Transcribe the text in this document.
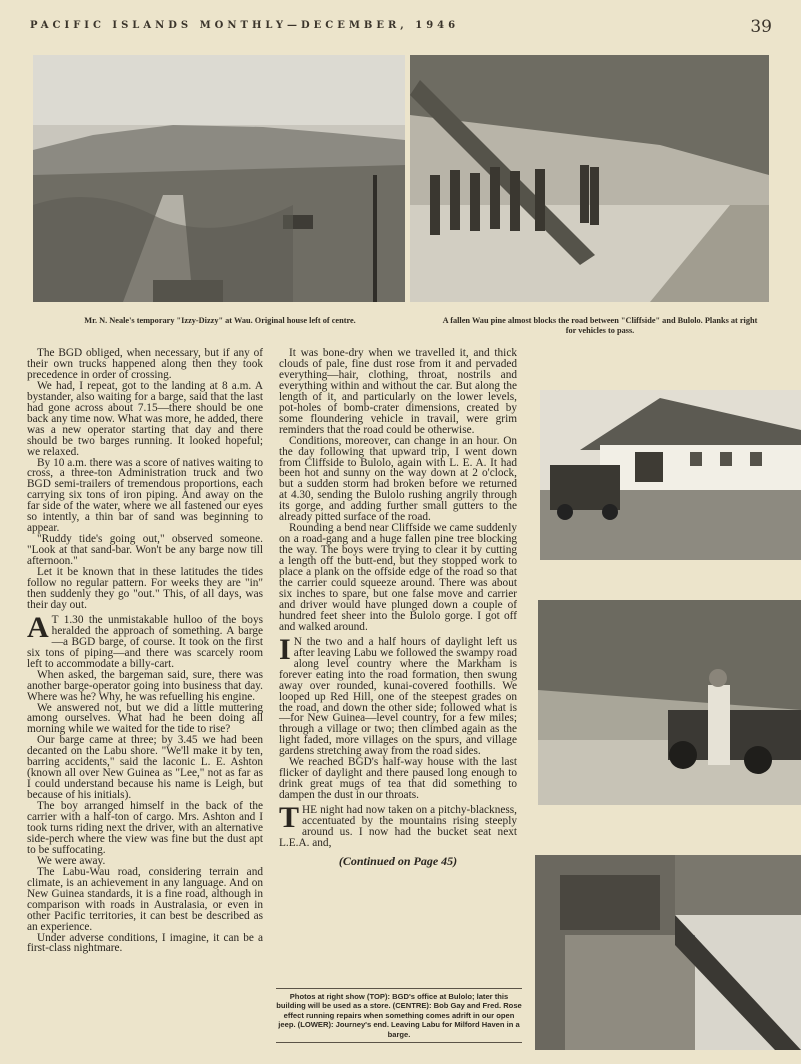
PACIFIC ISLANDS MONTHLY—DECEMBER, 1946	39
Mr. N. Neale's temporary "Izzy-Dizzy" at Wau. Original house left of centre.	A fallen Wau pine almost blocks the road between "Cliffside" and Bulolo. Planks at right for vehicles to pass.

The BGD obliged, when necessary, but if any of their own trucks happened along then they took precedence in order of crossing.

We had, I repeat, got to the landing at 8 a.m. A bystander, also waiting for a barge, said that the last had gone across about 7.15—there should be one back any time now. What was more, he added, there was a new operator starting that day and there should be two barges running. It looked hopeful; we relaxed.

By 10 a.m. there was a score of natives waiting to cross, a three-ton Administration truck and two BGD semi-trailers of tremendous proportions, each carrying six tons of iron piping. And away on the far side of the water, where we all fastened our eyes so intently, a thin bar of sand was beginning to appear.

"Ruddy tide's going out," observed someone. "Look at that sand-bar. Won't be any barge now till afternoon."

Let it be known that in these latitudes the tides follow no regular pattern. For weeks they are "in" then suddenly they go "out." This, of all days, was their day out.

A T 1.30 the unmistakable hulloo of the boys heralded the approach of something. A barge—a BGD barge, of course. It took on the first six tons of piping—and there was scarcely room left to accommodate a billy-cart.

When asked, the bargeman said, sure, there was another barge-operator going into business that day. Where was he? Why, he was refuelling his engine.

We answered not, but we did a little muttering among ourselves. What had he been doing all morning while we waited for the tide to rise?

Our barge came at three; by 3.45 we had been decanted on the Labu shore. "We'll make it by ten, barring accidents," said the laconic L. E. Ashton (known all over New Guinea as "Lee," not as far as I could understand because his name is Leigh, but because of his initials).

The boy arranged himself in the back of the carrier with a half-ton of cargo. Mrs. Ashton and I took turns riding next the driver, with an alternative side-perch where the view was fine but the dust apt to be suffocating.

We were away.

The Labu-Wau road, considering terrain and climate, is an achievement in any language. And on New Guinea standards, it is a fine road, although in comparison with roads in Australasia, or even in other Pacific territories, it can best be described as an experience.

Under adverse conditions, I imagine, it can be a first-class nightmare.

It was bone-dry when we travelled it, and thick clouds of pale, fine dust rose from it and pervaded everything—hair, clothing, throat, nostrils and everything within and without the car. But along the length of it, and particularly on the lower levels, pot-holes of bomb-crater dimensions, created by some floundering vehicle in travail, were grim reminders that the road could be otherwise.

Conditions, moreover, can change in an hour. On the day following that upward trip, I went down from Cliffside to Bulolo, again with L. E. A. It had been hot and sunny on the way down at 2 o'clock, but a sudden storm had broken before we returned at 4.30, sending the Bulolo rushing angrily through its gorge, and adding further small gutters to the already pitted surface of the road.

Rounding a bend near Cliffside we came suddenly on a road-gang and a huge fallen pine tree blocking the way. The boys were trying to clear it by cutting a length off the butt-end, but they stopped work to place a plank on the offside edge of the road so that the carrier could squeeze around. There was about six inches to spare, but one false move and carrier and driver would have plunged down a couple of hundred feet sheer into the Bulolo gorge. I got off and walked around.

I N the two and a half hours of daylight left us after leaving Labu we followed the swampy road along level country where the Markham is forever eating into the road formation, then swung away over rounded, kunai-covered foothills. We looped up Red Hill, one of the steepest grades on the road, and down the other side; followed what is—for New Guinea—level country, for a few miles; through a village or two; then climbed again as the light faded, more villages on the spurs, and village gardens stretching away from the road sides.

We reached BGD's half-way house with the last flicker of daylight and there paused long enough to drink great mugs of tea that did something to dampen the dust in our throats.

THE night had now taken on a pitchy-blackness, accentuated by the mountains rising steeply around us. I now had the bucket seat next L.E.A. and,

(Continued on Page 45)
Photos at right show (TOP): BGD's office at Bulolo; later this building will be used as a store. (CENTRE): Bob Gay and Fred. Rose effect running repairs when something comes adrift in our open jeep. (LOWER): Journey's end. Leaving Labu for Milford Haven in a barge.
